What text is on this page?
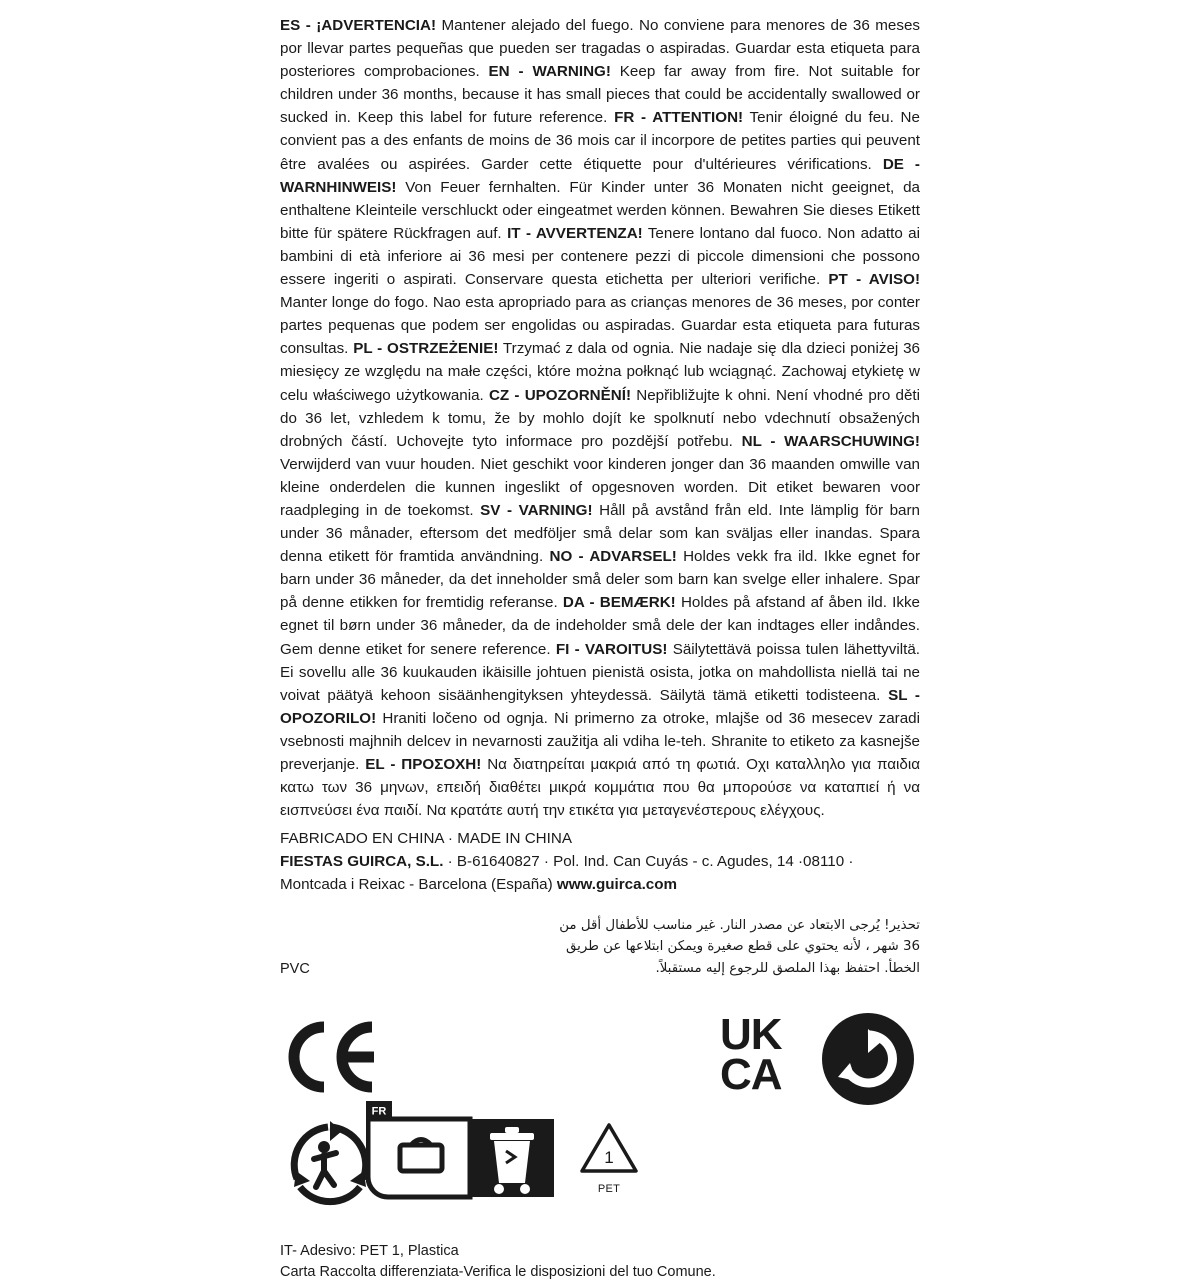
ES - ¡ADVERTENCIA! Mantener alejado del fuego. No conviene para menores de 36 meses por llevar partes pequeñas que pueden ser tragadas o aspiradas. Guardar esta etiqueta para posteriores comprobaciones. EN - WARNING! Keep far away from fire. Not suitable for children under 36 months, because it has small pieces that could be accidentally swallowed or sucked in. Keep this label for future reference. FR - ATTENTION! Tenir éloigné du feu. Ne convient pas a des enfants de moins de 36 mois car il incorpore de petites parties qui peuvent être avalées ou aspirées. Garder cette étiquette pour d'ultérieures vérifications. DE - WARNHINWEIS! Von Feuer fernhalten. Für Kinder unter 36 Monaten nicht geeignet, da enthaltene Kleinteile verschluckt oder eingeatmet werden können. Bewahren Sie dieses Etikett bitte für spätere Rückfragen auf. IT - AVVERTENZA! Tenere lontano dal fuoco. Non adatto ai bambini di età inferiore ai 36 mesi per contenere pezzi di piccole dimensioni che possono essere ingeriti o aspirati. Conservare questa etichetta per ulteriori verifiche. PT - AVISO! Manter longe do fogo. Nao esta apropriado para as crianças menores de 36 meses, por conter partes pequenas que podem ser engolidas ou aspiradas. Guardar esta etiqueta para futuras consultas. PL - OSTRZEŻENIE! Trzymać z dala od ognia. Nie nadaje się dla dzieci poniżej 36 miesięcy ze względu na małe części, które można połknąć lub wciągnąć. Zachowaj etykietę w celu właściwego użytkowania. CZ - UPOZORNĚNÍ! Nepřibližujte k ohni. Není vhodné pro děti do 36 let, vzhledem k tomu, že by mohlo dojít ke spolknutí nebo vdechnutí obsažených drobných částí. Uchovejte tyto informace pro pozdější potřebu. NL - WAARSCHUWING! Verwijderd van vuur houden. Niet geschikt voor kinderen jonger dan 36 maanden omwille van kleine onderdelen die kunnen ingeslikt of opgesnoven worden. Dit etiket bewaren voor raadpleging in de toekomst. SV - VARNING! Håll på avstånd från eld. Inte lämplig för barn under 36 månader, eftersom det medföljer små delar som kan sväljas eller inandas. Spara denna etikett för framtida användning. NO - ADVARSEL! Holdes vekk fra ild. Ikke egnet for barn under 36 måneder, da det inneholder små deler som barn kan svelge eller inhalere. Spar på denne etikken for fremtidig referanse. DA - BEMÆRK! Holdes på afstand af åben ild. Ikke egnet til børn under 36 måneder, da de indeholder små dele der kan indtages eller indåndes. Gem denne etiket for senere reference. FI - VAROITUS! Säilytettävä poissa tulen lähettyviltä. Ei sovellu alle 36 kuukauden ikäisille johtuen pienistä osista, jotka on mahdollista niellä tai ne voivat päätyä kehoon sisäänhengityksen yhteydessä. Säilytä tämä etiketti todisteena. SL - OPOZORILO! Hraniti ločeno od ognja. Ni primerno za otroke, mlajše od 36 mesecev zaradi vsebnosti majhnih delcev in nevarnosti zaužitja ali vdiha le-teh. Shranite to etiketo za kasnejše preverjanje. EL - ΠΡΟΣΟΧΗ! Να διατηρείται μακριά από τη φωτιά. Οχι καταλληλο για παιδια κατω των 36 μηνων, επειδή διαθέτει μικρά κομμάτια που θα μπορούσε να καταπιεί ή να εισπνεύσει ένα παιδί. Να κρατάτε αυτή την ετικέτα για μεταγενέστερους ελέγχους.
FABRICADO EN CHINA · MADE IN CHINA
FIESTAS GUIRCA, S.L. · B-61640827 · Pol. Ind. Can Cuyás - c. Agudes, 14 ·08110 ·
Montcada i Reixac - Barcelona (España) www.guirca.com
تحذير! يُرجى الابتعاد عن مصدر النار. غير مناسب للأطفال أقل من 36 شهر ، لأنه يحتوي على قطع صغيرة ويمكن ابتلاعها عن طريق الخطأ. احتفظ بهذا الملصق للرجوع إليه مستقبلاً.
PVC
UK
CA
FR
1
PET
IT- Adesivo: PET 1, Plastica
Carta Raccolta differenziata-Verifica le disposizioni del tuo Comune.
